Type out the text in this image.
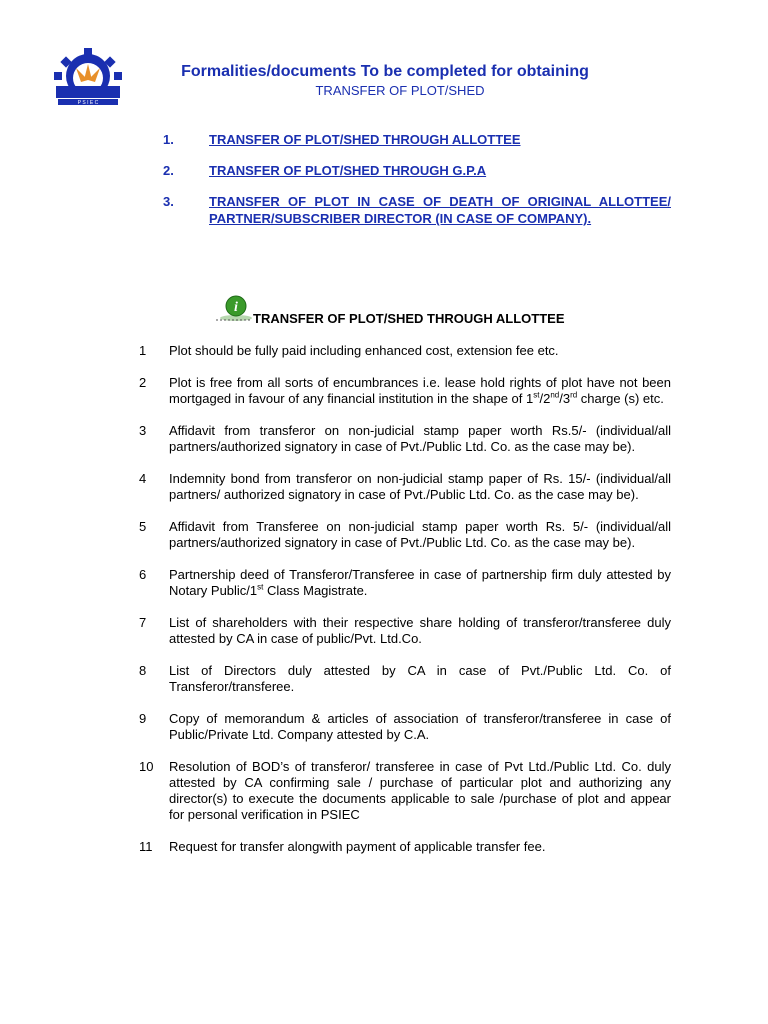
P S I E C
Formalities/documents To be completed for obtaining
TRANSFER OF PLOT/SHED
1.	TRANSFER OF PLOT/SHED THROUGH ALLOTTEE
2.	TRANSFER OF PLOT/SHED THROUGH G.P.A
3.	TRANSFER OF PLOT IN CASE OF DEATH OF ORIGINAL ALLOTTEE/ PARTNER/SUBSCRIBER DIRECTOR (IN CASE OF COMPANY).
i
TRANSFER OF PLOT/SHED THROUGH ALLOTTEE
1 Plot should be fully paid including enhanced cost, extension fee etc.
2 Plot is free from all sorts of encumbrances i.e. lease hold rights of plot have not been mortgaged in favour of any financial institution in the shape of 1st/2nd/3rd charge (s) etc.
3 Affidavit from transferor on non-judicial stamp paper worth Rs.5/- (individual/all partners/authorized signatory in case of Pvt./Public Ltd. Co. as the case may be).
4 Indemnity bond from transferor on non-judicial stamp paper of Rs. 15/- (individual/all partners/ authorized signatory in case of Pvt./Public Ltd. Co. as the case may be).
5 Affidavit from Transferee on non-judicial stamp paper worth Rs. 5/- (individual/all partners/authorized signatory in case of Pvt./Public Ltd. Co. as the case may be).
6 Partnership deed of Transferor/Transferee in case of partnership firm duly attested by Notary Public/1st Class Magistrate.
7 List of shareholders with their respective share holding of transferor/transferee duly attested by CA in case of public/Pvt. Ltd.Co.
8 List of Directors duly attested by CA in case of Pvt./Public Ltd. Co. of Transferor/transferee.
9 Copy of memorandum & articles of association of transferor/transferee in case of Public/Private Ltd. Company attested by C.A.
10 Resolution of BOD’s of transferor/ transferee in case of Pvt Ltd./Public Ltd. Co. duly attested by CA confirming sale / purchase of particular plot and authorizing any director(s) to execute the documents applicable to sale /purchase of plot and appear for personal verification in PSIEC
11 Request for transfer alongwith payment of applicable transfer fee.
